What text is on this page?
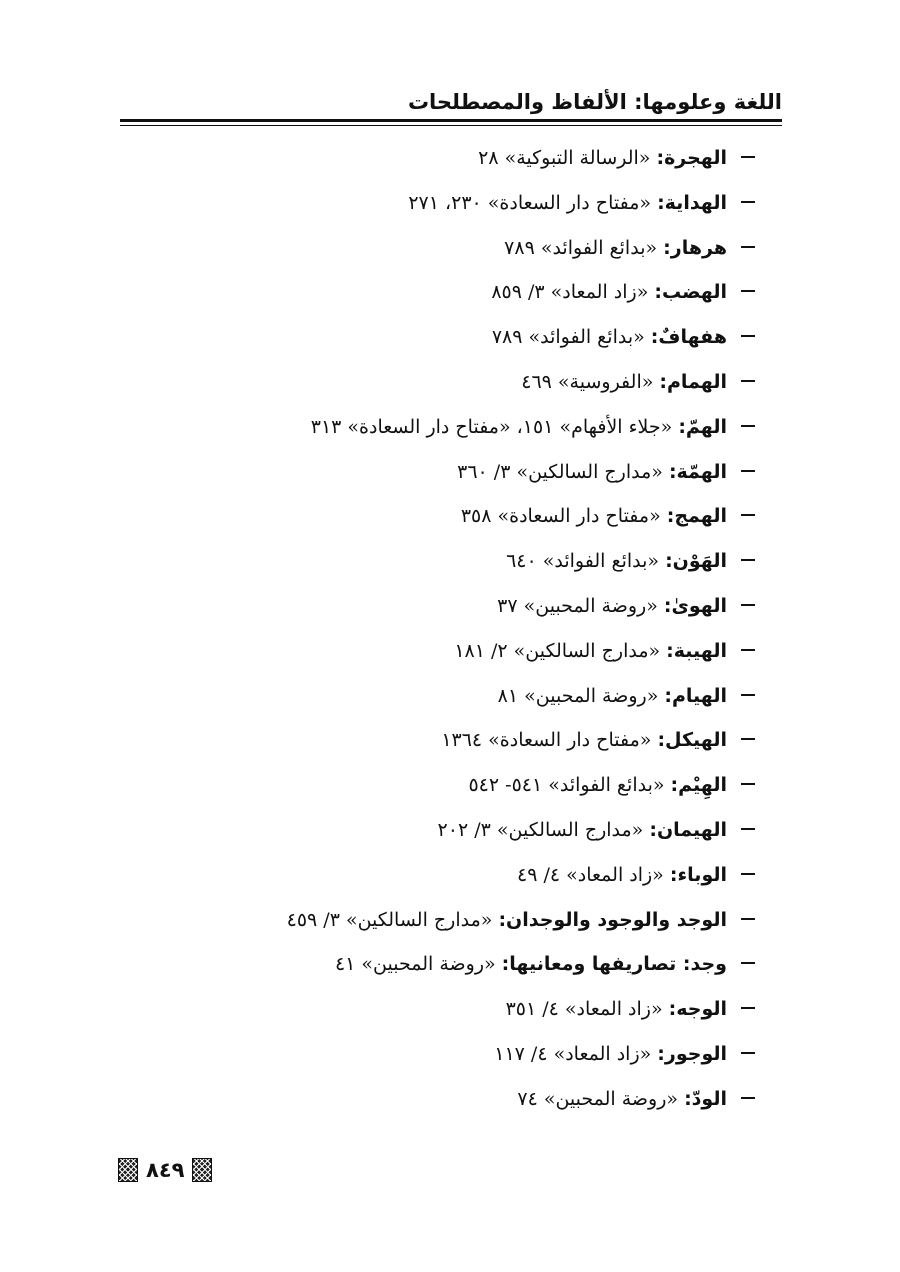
اللغة وعلومها: الألفاظ والمصطلحات
الهجرة: «الرسالة التبوكية» ٢٨
الهداية: «مفتاح دار السعادة» ٢٣٠، ٢٧١
هرهار: «بدائع الفوائد» ٧٨٩
الهضب: «زاد المعاد» ٣/ ٨٥٩
هفهافٌ: «بدائع الفوائد» ٧٨٩
الهمام: «الفروسية» ٤٦٩
الهمّ: «جلاء الأفهام» ١٥١، «مفتاح دار السعادة» ٣١٣
الهمّة: «مدارج السالكين» ٣/ ٣٦٠
الهمج: «مفتاح دار السعادة» ٣٥٨
الهَوْن: «بدائع الفوائد» ٦٤٠
الهوىٰ: «روضة المحبين» ٣٧
الهيبة: «مدارج السالكين» ٢/ ١٨١
الهيام: «روضة المحبين» ٨١
الهيكل: «مفتاح دار السعادة» ١٣٦٤
الهِيْم: «بدائع الفوائد» ٥٤١- ٥٤٢
الهيمان: «مدارج السالكين» ٣/ ٢٠٢
الوباء: «زاد المعاد» ٤/ ٤٩
الوجد والوجود والوجدان: «مدارج السالكين» ٣/ ٤٥٩
وجد: تصاريفها ومعانيها: «روضة المحبين» ٤١
الوجه: «زاد المعاد» ٤/ ٣٥١
الوجور: «زاد المعاد» ٤/ ١١٧
الودّ: «روضة المحبين» ٧٤
٨٤٩
